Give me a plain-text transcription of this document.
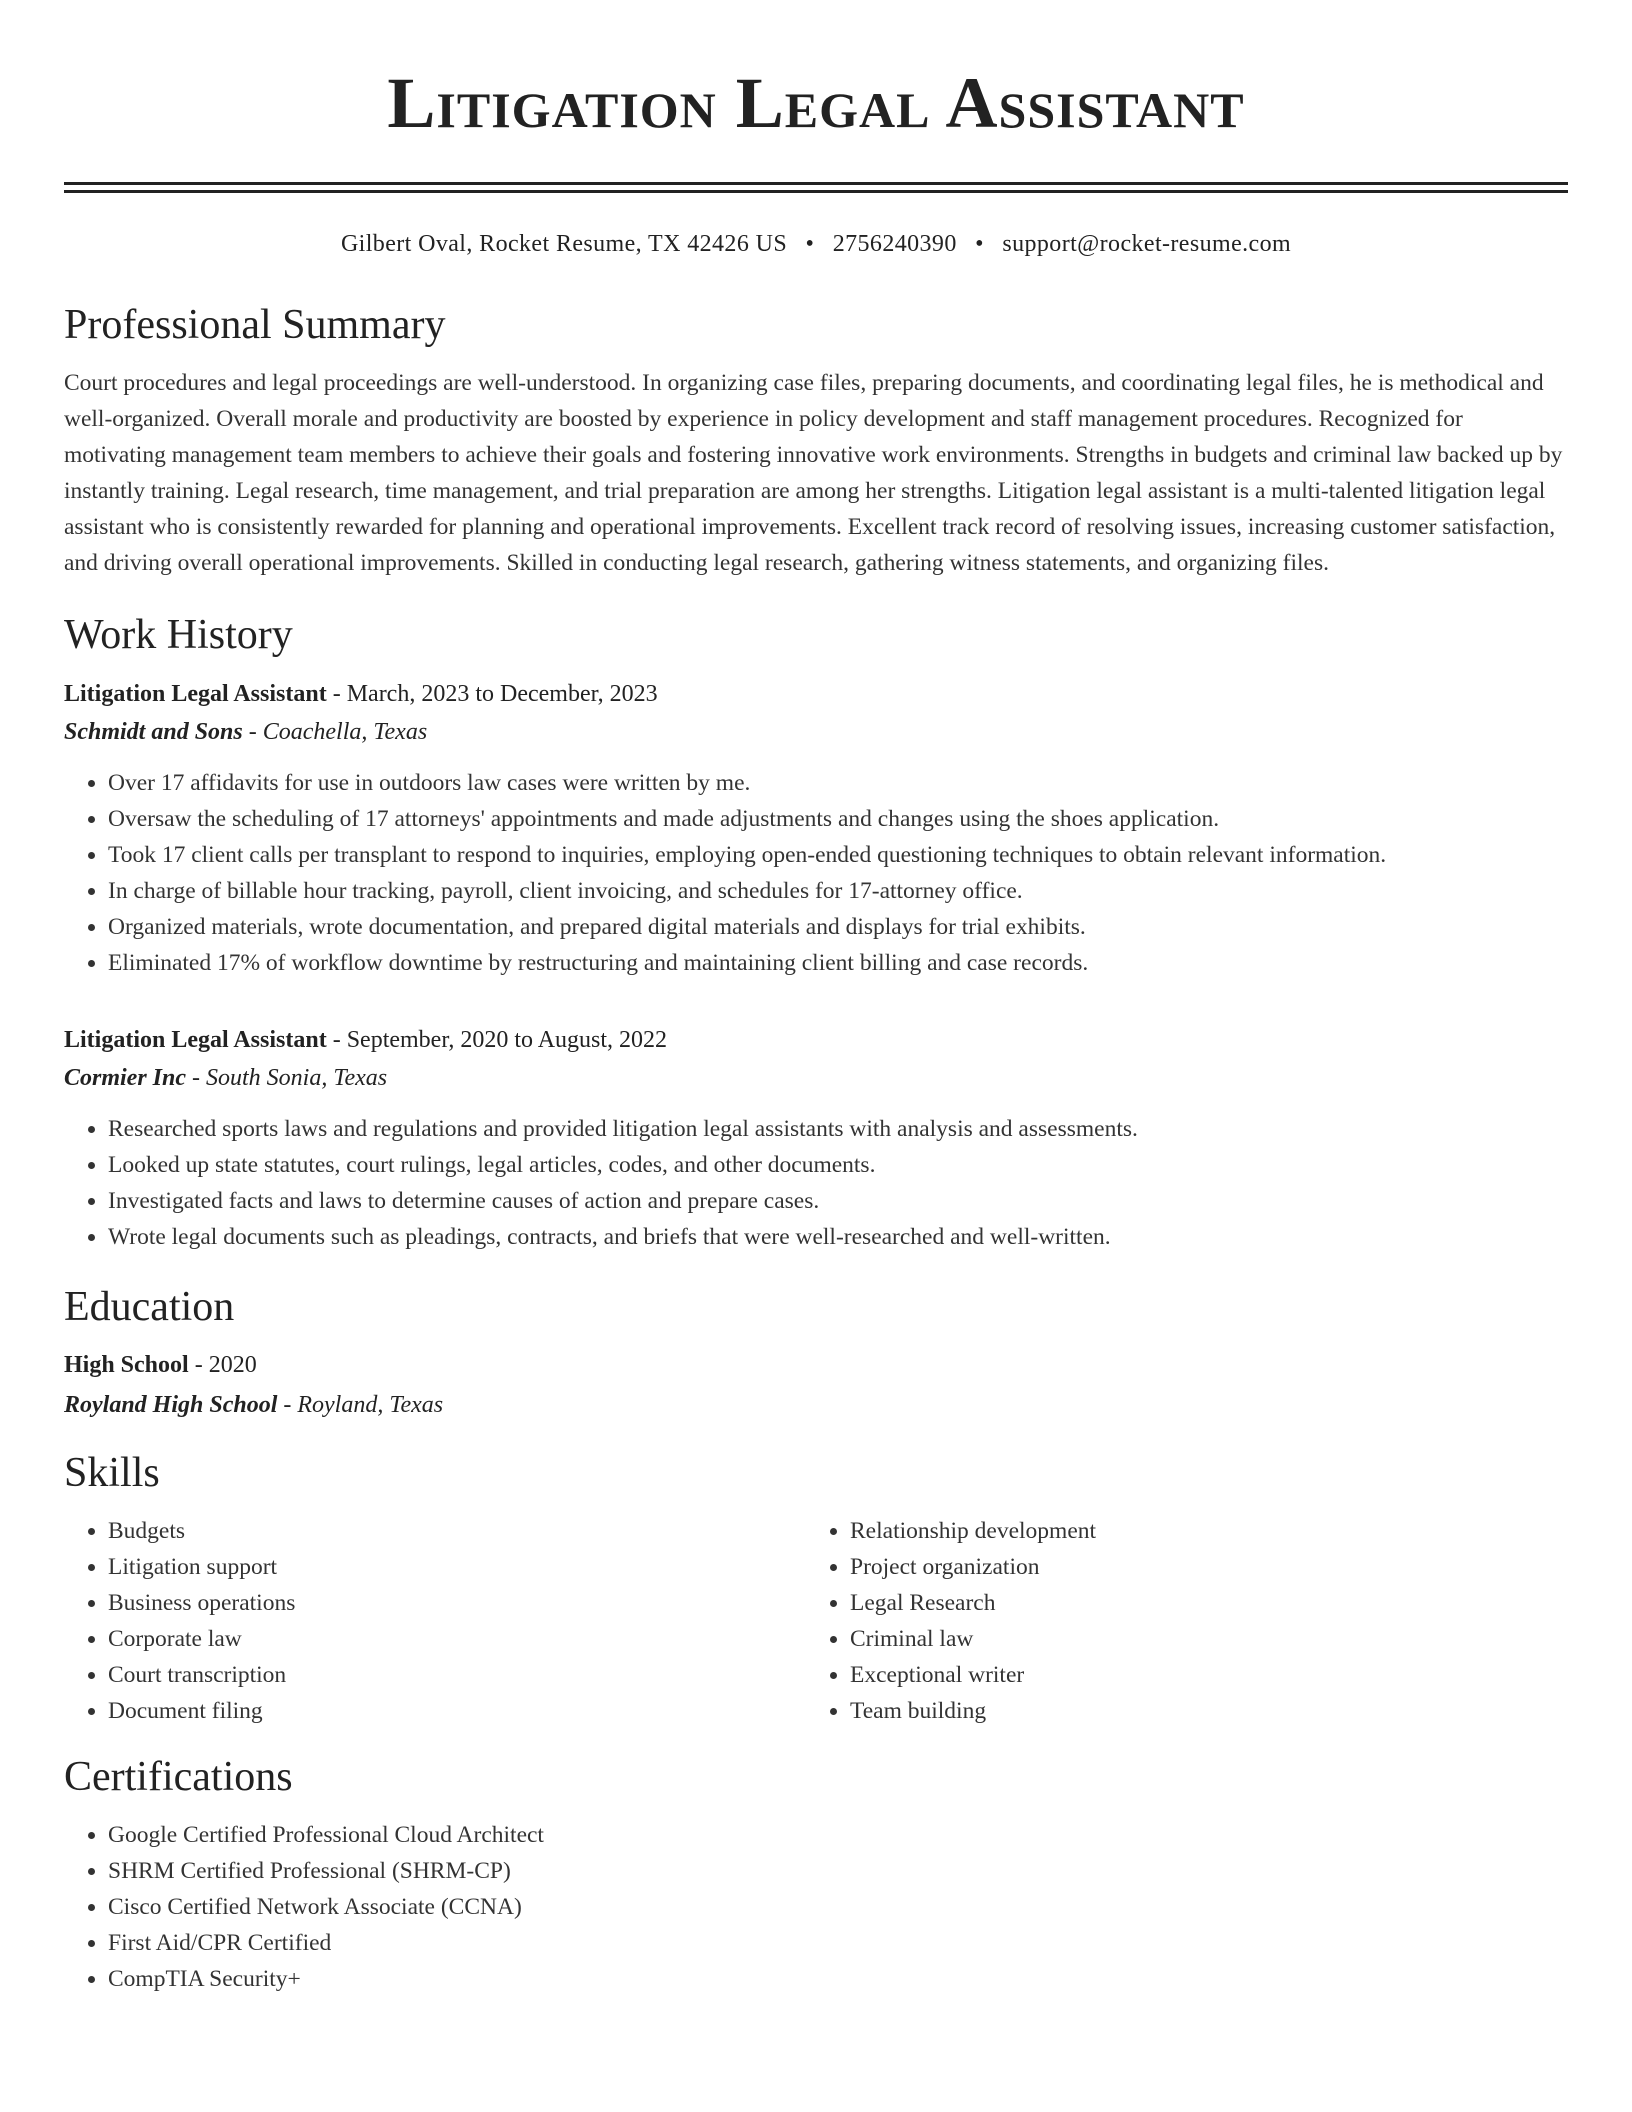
Litigation Legal Assistant
Gilbert Oval, Rocket Resume, TX 42426 US • 2756240390 • support@rocket-resume.com
Professional Summary

Court procedures and legal proceedings are well-understood. In organizing case files, preparing documents, and coordinating legal files, he is methodical and well-organized. Overall morale and productivity are boosted by experience in policy development and staff management procedures. Recognized for motivating management team members to achieve their goals and fostering innovative work environments. Strengths in budgets and criminal law backed up by instantly training. Legal research, time management, and trial preparation are among her strengths. Litigation legal assistant is a multi-talented litigation legal assistant who is consistently rewarded for planning and operational improvements. Excellent track record of resolving issues, increasing customer satisfaction, and driving overall operational improvements. Skilled in conducting legal research, gathering witness statements, and organizing files.

Work History
Litigation Legal Assistant - March, 2023 to December, 2023
Schmidt and Sons - Coachella, Texas
• Over 17 affidavits for use in outdoors law cases were written by me.
• Oversaw the scheduling of 17 attorneys' appointments and made adjustments and changes using the shoes application.
• Took 17 client calls per transplant to respond to inquiries, employing open-ended questioning techniques to obtain relevant information.
• In charge of billable hour tracking, payroll, client invoicing, and schedules for 17-attorney office.
• Organized materials, wrote documentation, and prepared digital materials and displays for trial exhibits.
• Eliminated 17% of workflow downtime by restructuring and maintaining client billing and case records.
Litigation Legal Assistant - September, 2020 to August, 2022
Cormier Inc - South Sonia, Texas
• Researched sports laws and regulations and provided litigation legal assistants with analysis and assessments.
• Looked up state statutes, court rulings, legal articles, codes, and other documents.
• Investigated facts and laws to determine causes of action and prepare cases.
• Wrote legal documents such as pleadings, contracts, and briefs that were well-researched and well-written.
Education
High School - 2020
Royland High School - Royland, Texas
Skills
• Budgets
• Litigation support
• Business operations
• Corporate law
• Court transcription
• Document filing
• Relationship development
• Project organization
• Legal Research
• Criminal law
• Exceptional writer
• Team building
Certifications
• Google Certified Professional Cloud Architect
• SHRM Certified Professional (SHRM-CP)
• Cisco Certified Network Associate (CCNA)
• First Aid/CPR Certified
• CompTIA Security+
